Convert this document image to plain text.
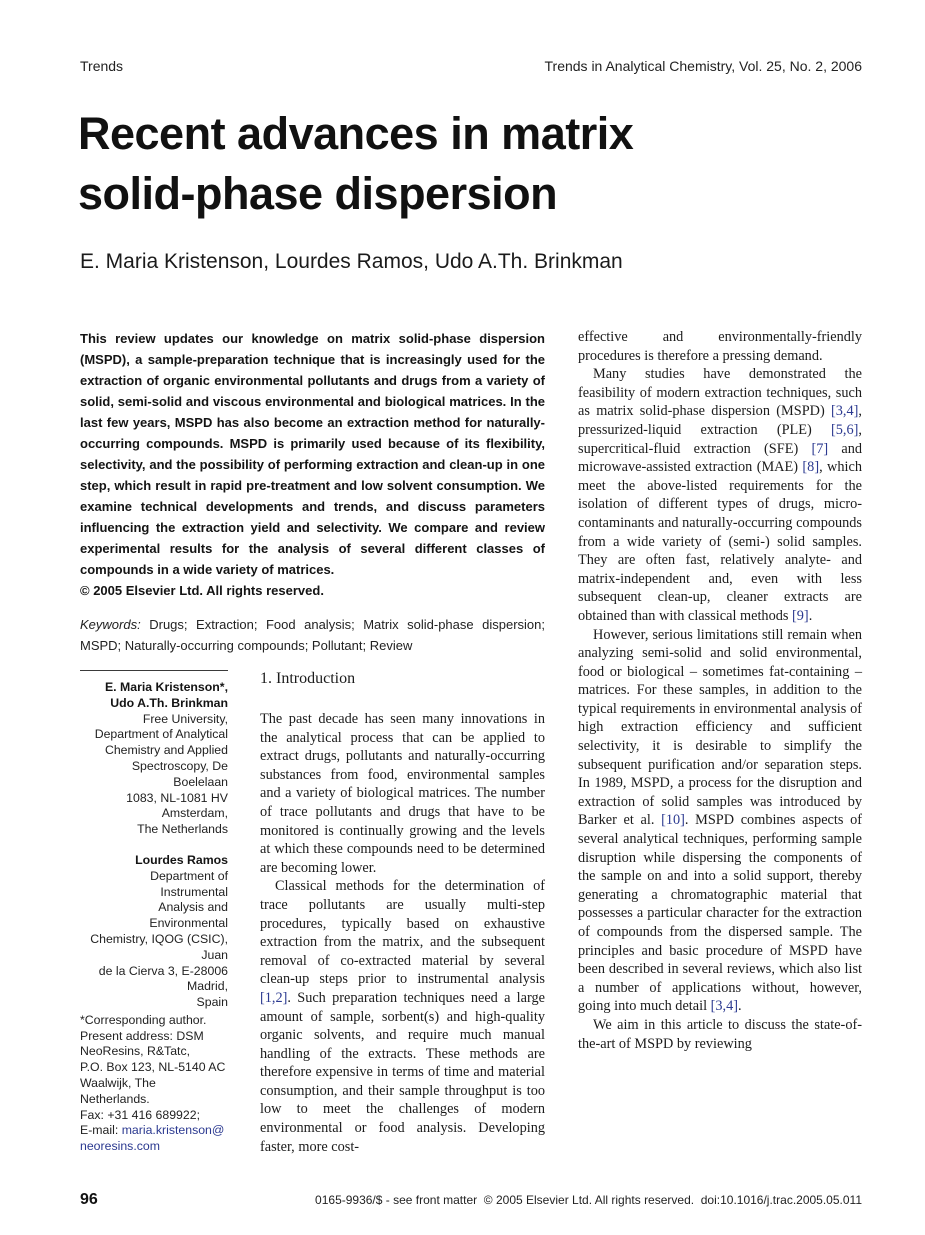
Trends	Trends in Analytical Chemistry, Vol. 25, No. 2, 2006
Recent advances in matrix
solid-phase dispersion
E. Maria Kristenson, Lourdes Ramos, Udo A.Th. Brinkman
This review updates our knowledge on matrix solid-phase dispersion (MSPD), a sample-preparation technique that is increasingly used for the extraction of organic environmental pollutants and drugs from a variety of solid, semi-solid and viscous environmental and biological matrices. In the last few years, MSPD has also become an extraction method for naturally-occurring compounds. MSPD is primarily used because of its flexibility, selectivity, and the possibility of performing extraction and clean-up in one step, which result in rapid pre-treatment and low solvent consumption. We examine technical developments and trends, and discuss parameters influencing the extraction yield and selectivity. We compare and review experimental results for the analysis of several different classes of compounds in a wide variety of matrices.
© 2005 Elsevier Ltd. All rights reserved.
Keywords: Drugs; Extraction; Food analysis; Matrix solid-phase dispersion; MSPD; Naturally-occurring compounds; Pollutant; Review
E. Maria Kristenson*,
Udo A.Th. Brinkman
Free University,
Department of Analytical
Chemistry and Applied
Spectroscopy, De Boelelaan
1083, NL-1081 HV Amsterdam,
The Netherlands
Lourdes Ramos
Department of Instrumental
Analysis and Environmental
Chemistry, IQOG (CSIC), Juan
de la Cierva 3, E-28006 Madrid,
Spain
*Corresponding author.
Present address: DSM
NeoResins, R&Tatc,
P.O. Box 123, NL-5140 AC
Waalwijk, The Netherlands.
Fax: +31 416 689922;
E-mail: maria.kristenson@
neoresins.com
1. Introduction

The past decade has seen many innovations in the analytical process that can be applied to extract drugs, pollutants and naturally-occurring substances from food, environmental samples and a variety of biological matrices. The number of trace pollutants and drugs that have to be monitored is continually growing and the levels at which these compounds need to be determined are becoming lower.

Classical methods for the determination of trace pollutants are usually multi-step procedures, typically based on exhaustive extraction from the matrix, and the subsequent removal of co-extracted material by several clean-up steps prior to instrumental analysis [1,2]. Such preparation techniques need a large amount of sample, sorbent(s) and high-quality organic solvents, and require much manual handling of the extracts. These methods are therefore expensive in terms of time and material consumption, and their sample throughput is too low to meet the challenges of modern environmental or food analysis. Developing faster, more cost-

effective and environmentally-friendly procedures is therefore a pressing demand.

Many studies have demonstrated the feasibility of modern extraction techniques, such as matrix solid-phase dispersion (MSPD) [3,4], pressurized-liquid extraction (PLE) [5,6], supercritical-fluid extraction (SFE) [7] and microwave-assisted extraction (MAE) [8], which meet the above-listed requirements for the isolation of different types of drugs, micro-contaminants and naturally-occurring compounds from a wide variety of (semi-) solid samples. They are often fast, relatively analyte- and matrix-independent and, even with less subsequent clean-up, cleaner extracts are obtained than with classical methods [9].

However, serious limitations still remain when analyzing semi-solid and solid environmental, food or biological – sometimes fat-containing – matrices. For these samples, in addition to the typical requirements in environmental analysis of high extraction efficiency and sufficient selectivity, it is desirable to simplify the subsequent purification and/or separation steps. In 1989, MSPD, a process for the disruption and extraction of solid samples was introduced by Barker et al. [10]. MSPD combines aspects of several analytical techniques, performing sample disruption while dispersing the components of the sample on and into a solid support, thereby generating a chromatographic material that possesses a particular character for the extraction of compounds from the dispersed sample. The principles and basic procedure of MSPD have been described in several reviews, which also list a number of applications without, however, going into much detail [3,4].

We aim in this article to discuss the state-of-the-art of MSPD by reviewing

96	0165-9936/$ - see front matter  © 2005 Elsevier Ltd. All rights reserved.  doi:10.1016/j.trac.2005.05.011
